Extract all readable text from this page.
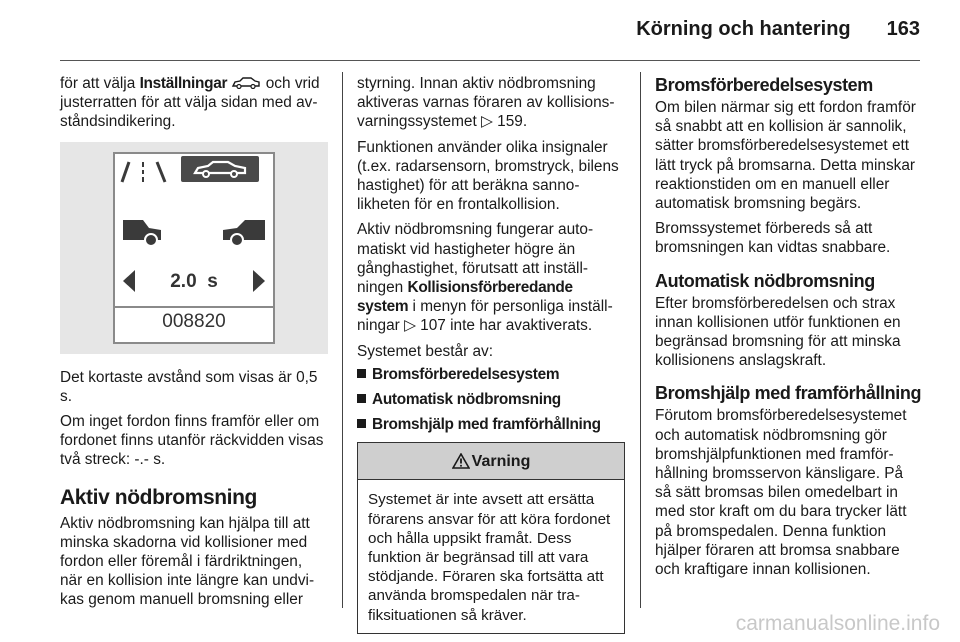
Körning och hantering 163

för att välja Inställningar  och vrid justerratten för att välja sidan med avståndsindikering.

2.0 s
008820

Det kortaste avstånd som visas är 0,5 s.

Om inget fordon finns framför eller om fordonet finns utanför räckvidden visas två streck: -.- s.

Aktiv nödbromsning

Aktiv nödbromsning kan hjälpa till att minska skadorna vid kollisioner med fordon eller föremål i färdriktningen, när en kollision inte längre kan undvikas genom manuell bromsning eller

styrning. Innan aktiv nödbromsning aktiveras varnas föraren av kollisionsvarningssystemet ▷ 159.

Funktionen använder olika insignaler (t.ex. radarsensorn, bromstryck, bilens hastighet) för att beräkna sannolikheten för en frontalkollision.

Aktiv nödbromsning fungerar automatiskt vid hastigheter högre än gånghastighet, förutsatt att inställningen Kollisionsförberedande system i menyn för personliga inställningar ▷ 107 inte har avaktiverats.

Systemet består av:

Bromsförberedelsesystem
Automatisk nödbromsning
Bromshjälp med framförhållning
Varning
Systemet är inte avsett att ersätta förarens ansvar för att köra fordonet och hålla uppsikt framåt. Dess funktion är begränsad till att vara stödjande. Föraren ska fortsätta att använda bromspedalen när trafiksituationen så kräver.
Bromsförberedelsesystem

Om bilen närmar sig ett fordon framför så snabbt att en kollision är sannolik, sätter bromsförberedelsesystemet ett lätt tryck på bromsarna. Detta minskar reaktionstiden om en manuell eller automatisk bromsning begärs.

Bromssystemet förbereds så att bromsningen kan vidtas snabbare.

Automatisk nödbromsning

Efter bromsförberedelsen och strax innan kollisionen utför funktionen en begränsad bromsning för att minska kollisionens anslagskraft.

Bromshjälp med framförhållning

Förutom bromsförberedelsesystemet och automatisk nödbromsning gör bromshjälpfunktionen med framförhållning bromsservon känsligare. På så sätt bromsas bilen omedelbart in med stor kraft om du bara trycker lätt på bromspedalen. Denna funktion hjälper föraren att bromsa snabbare och kraftigare innan kollisionen.

carmanualsonline.info
